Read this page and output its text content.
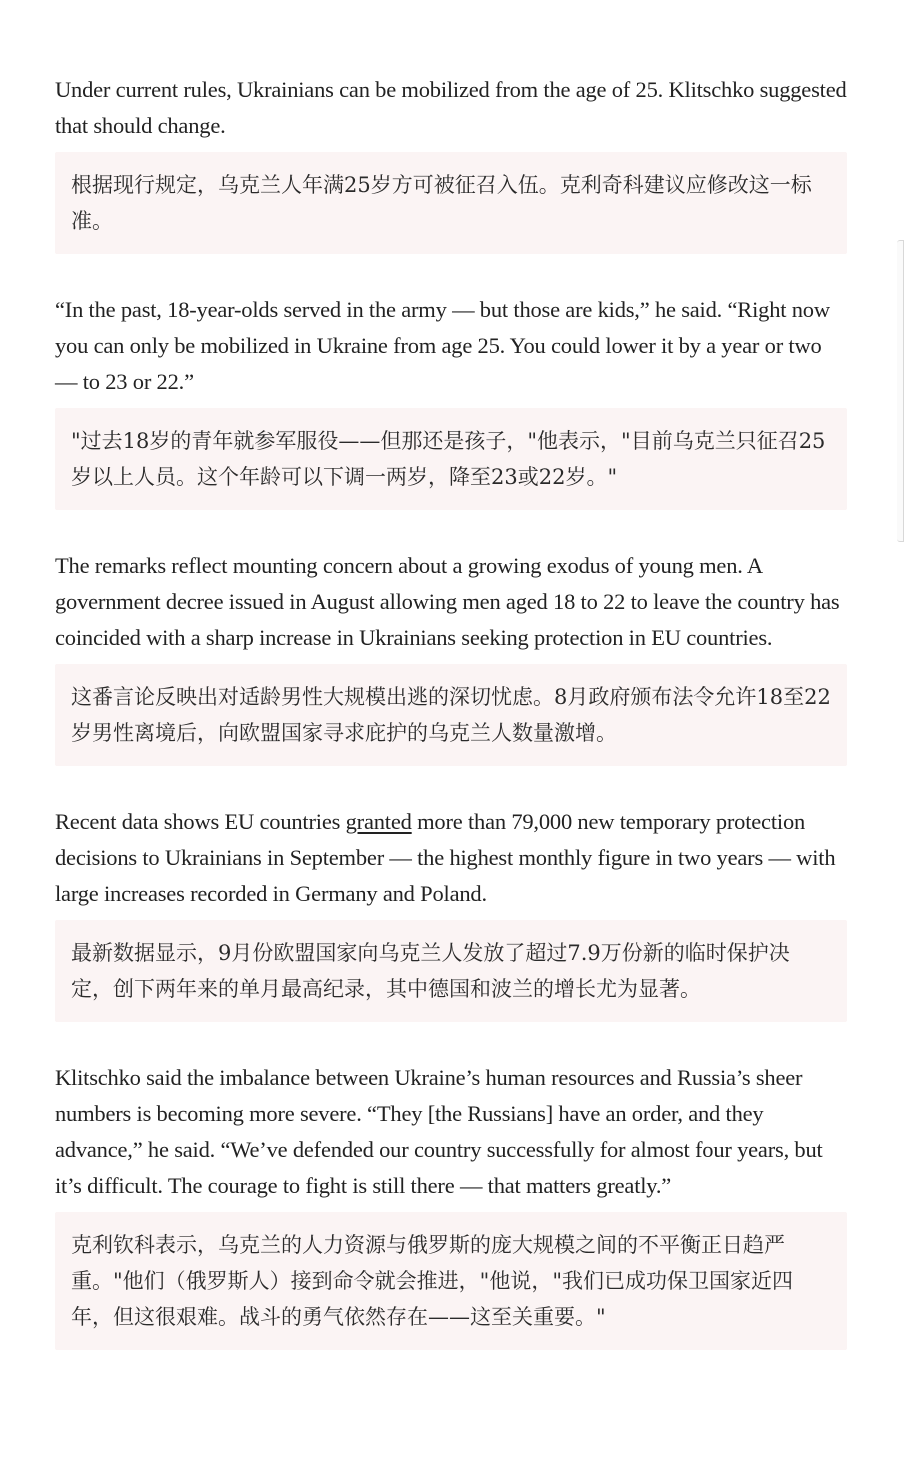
Under current rules, Ukrainians can be mobilized from the age of 25. Klitschko suggested that should change.

根据现行规定，乌克兰人年满25岁方可被征召入伍。克利奇科建议应修改这一标准。

“In the past, 18-year-olds served in the army — but those are kids,” he said. “Right now you can only be mobilized in Ukraine from age 25. You could lower it by a year or two — to 23 or 22.”

"过去18岁的青年就参军服役——但那还是孩子，"他表示，"目前乌克兰只征召25岁以上人员。这个年龄可以下调一两岁，降至23或22岁。"

The remarks reflect mounting concern about a growing exodus of young men. A government decree issued in August allowing men aged 18 to 22 to leave the country has coincided with a sharp increase in Ukrainians seeking protection in EU countries.

这番言论反映出对适龄男性大规模出逃的深切忧虑。8月政府颁布法令允许18至22岁男性离境后，向欧盟国家寻求庇护的乌克兰人数量激增。

Recent data shows EU countries granted more than 79,000 new temporary protection decisions to Ukrainians in September — the highest monthly figure in two years — with large increases recorded in Germany and Poland.

最新数据显示，9月份欧盟国家向乌克兰人发放了超过7.9万份新的临时保护决定，创下两年来的单月最高纪录，其中德国和波兰的增长尤为显著。

Klitschko said the imbalance between Ukraine’s human resources and Russia’s sheer numbers is becoming more severe. “They [the Russians] have an order, and they advance,” he said. “We’ve defended our country successfully for almost four years, but it’s difficult. The courage to fight is still there — that matters greatly.”

克利钦科表示，乌克兰的人力资源与俄罗斯的庞大规模之间的不平衡正日趋严重。"他们（俄罗斯人）接到命令就会推进，"他说，"我们已成功保卫国家近四年，但这很艰难。战斗的勇气依然存在——这至关重要。"
